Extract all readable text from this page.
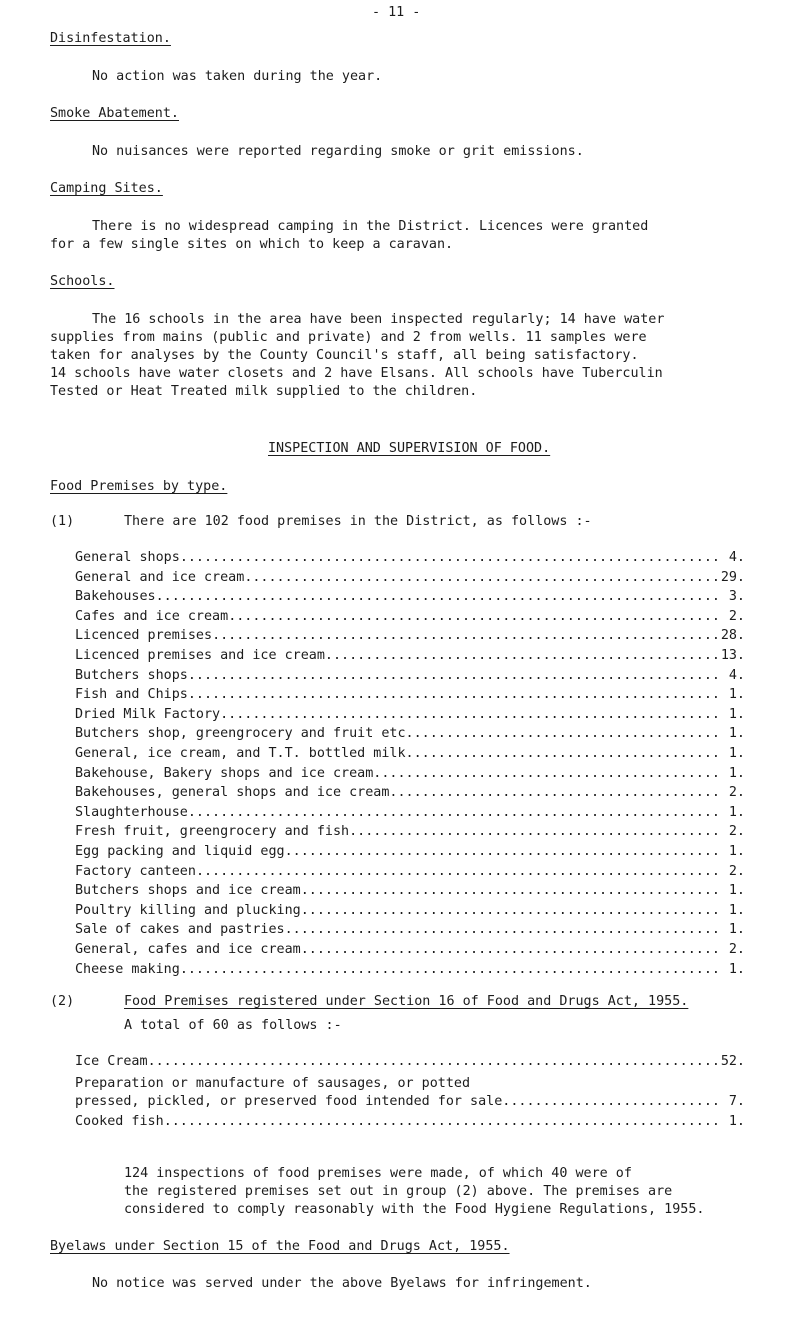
- 11 -
Disinfestation.
No action was taken during the year.
Smoke Abatement.
No nuisances were reported regarding smoke or grit emissions.
Camping Sites.
There is no widespread camping in the District. Licences were granted
for a few single sites on which to keep a caravan.
Schools.
The 16 schools in the area have been inspected regularly; 14 have water
supplies from mains (public and private) and 2 from wells. 11 samples were
taken for analyses by the County Council's staff, all being satisfactory.
14 schools have water closets and 2 have Elsans. All schools have Tuberculin
Tested or Heat Treated milk supplied to the children.
INSPECTION AND SUPERVISION OF FOOD.
Food Premises by type.
(1)	There are 102 food premises in the District, as follows :-
General shops .....	4.
General and ice cream .....	29.
Bakehouses .....	3.
Cafes and ice cream .....	2.
Licenced premises .....	28.
Licenced premises and ice cream .....	13.
Butchers shops .....	4.
Fish and Chips .....	1.
Dried Milk Factory .....	1.
Butchers shop, greengrocery and fruit etc .....	1.
General, ice cream, and T.T. bottled milk .....	1.
Bakehouse, Bakery shops and ice cream .....	1.
Bakehouses, general shops and ice cream .....	2.
Slaughterhouse .....	1.
Fresh fruit, greengrocery and fish .....	2.
Egg packing and liquid egg .....	1.
Factory canteen .....	2.
Butchers shops and ice cream .....	1.
Poultry killing and plucking .....	1.
Sale of cakes and pastries .....	1.
General, cafes and ice cream .....	2.
Cheese making .....	1.
(2)	Food Premises registered under Section 16 of Food and Drugs Act, 1955.
A total of 60 as follows :-
Ice Cream .....	52.
Preparation or manufacture of sausages, or potted
pressed, pickled, or preserved food intended for sale .....	7.
Cooked fish .....	1.
124 inspections of food premises were made, of which 40 were of
the registered premises set out in group (2) above. The premises are
considered to comply reasonably with the Food Hygiene Regulations, 1955.
Byelaws under Section 15 of the Food and Drugs Act, 1955.
No notice was served under the above Byelaws for infringement.
